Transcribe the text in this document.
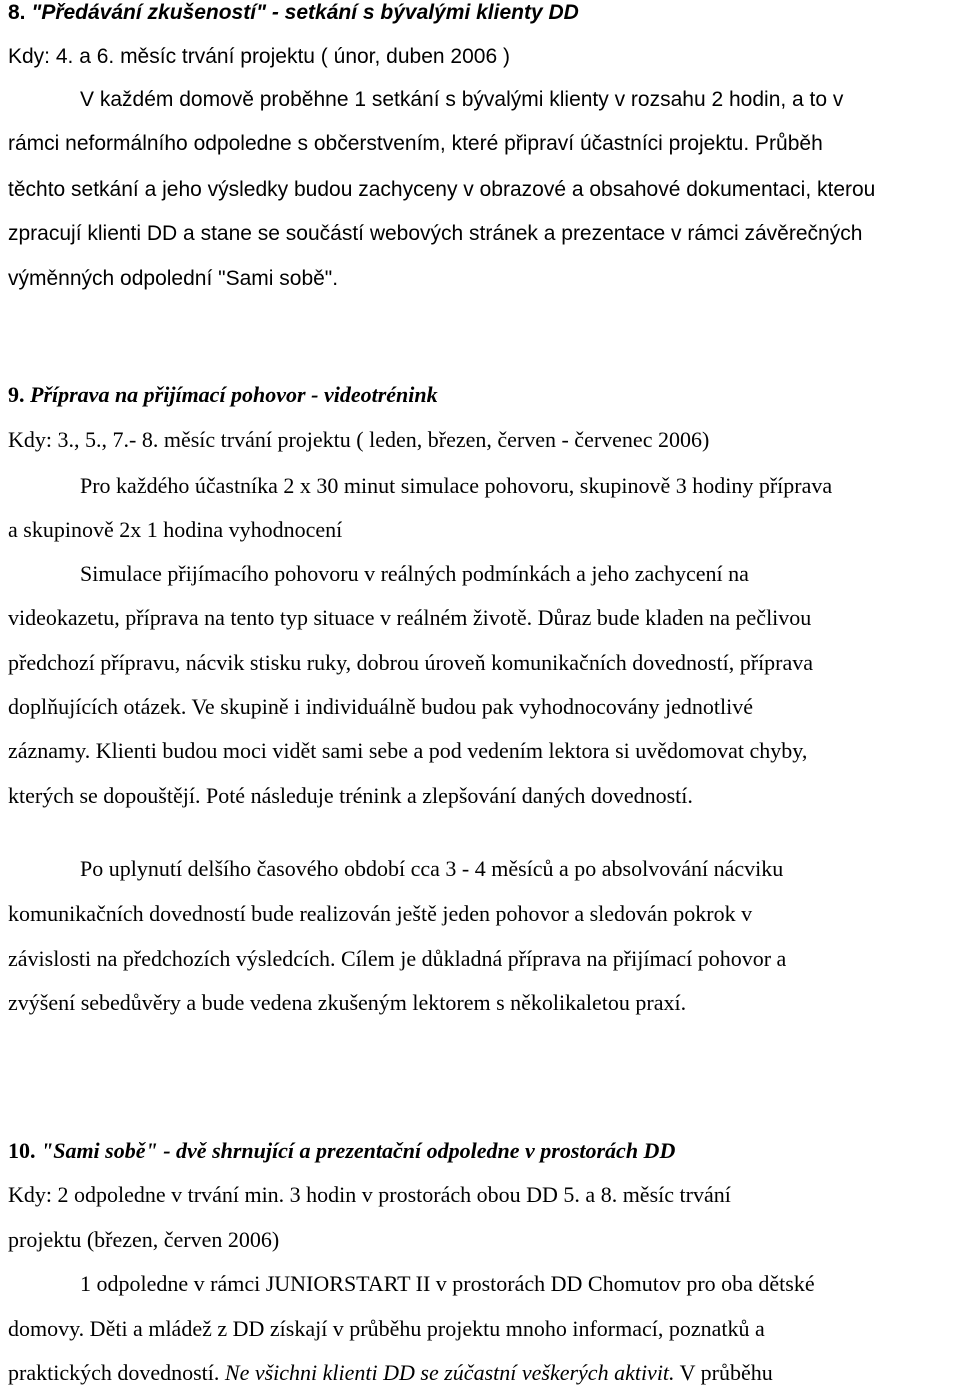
8. "Předávání zkušeností" - setkání s bývalými klienty DD
Kdy: 4. a 6. měsíc trvání projektu ( únor, duben 2006 )
V každém domově proběhne 1 setkání s bývalými klienty v rozsahu 2 hodin, a to v
rámci neformálního odpoledne s občerstvením, které připraví účastníci projektu. Průběh
těchto setkání a jeho výsledky budou zachyceny v obrazové a obsahové dokumentaci, kterou
zpracují klienti DD a stane se součástí webových stránek a prezentace v rámci závěrečných
výměnných odpolední "Sami sobě".
9. Příprava na přijímací pohovor - videotrénink
Kdy: 3., 5., 7.- 8. měsíc trvání projektu ( leden, březen, červen - červenec 2006)
Pro každého účastníka 2 x 30 minut simulace pohovoru, skupinově 3 hodiny příprava
a skupinově 2x 1 hodina vyhodnocení
Simulace přijímacího pohovoru v reálných podmínkách a jeho zachycení na
videokazetu, příprava na tento typ situace v reálném životě. Důraz bude kladen na pečlivou
předchozí přípravu, nácvik stisku ruky, dobrou úroveň komunikačních dovedností, příprava
doplňujících otázek. Ve skupině i individuálně budou pak vyhodnocovány jednotlivé
záznamy. Klienti budou moci vidět sami sebe a pod vedením lektora si uvědomovat chyby,
kterých se dopouštějí. Poté následuje trénink a zlepšování daných dovedností.
Po uplynutí delšího časového období cca 3 - 4 měsíců a po absolvování nácviku
komunikačních dovedností bude realizován ještě jeden pohovor a sledován pokrok v
závislosti na předchozích výsledcích. Cílem je důkladná příprava na přijímací pohovor a
zvýšení sebedůvěry a bude vedena zkušeným lektorem s několikaletou praxí.
10. "Sami sobě" - dvě shrnující a prezentační odpoledne v prostorách DD
Kdy: 2 odpoledne v trvání min. 3 hodin v prostorách obou DD 5. a 8. měsíc trvání
projektu (březen, červen 2006)
1 odpoledne v rámci JUNIORSTART II v prostorách DD Chomutov pro oba dětské
domovy. Děti a mládež z DD získají v průběhu projektu mnoho informací, poznatků a
praktických dovedností. Ne všichni klienti DD se zúčastní veškerých aktivit. V průběhu
